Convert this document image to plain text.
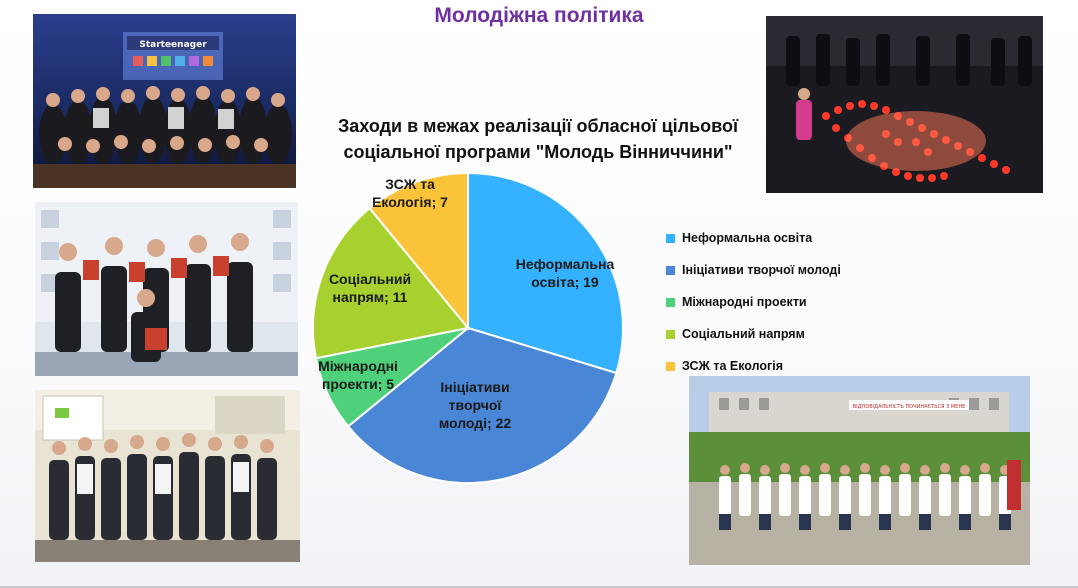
Молодіжна політика
Starteenager
ВІДПОВІДАЛЬНІСТЬ ПОЧИНАЄТЬСЯ З МЕНЕ
Заходи в межах реалізації обласної цільової
соціальної програми "Молодь Вінниччини"
Неформальна освіта; 19
Ініціативи творчої молоді; 22
Міжнародні проекти; 5
Соціальний напрям; 11
ЗСЖ та Екологія; 7
Неформальна освіта
Ініціативи творчої молоді
Міжнародні проекти
Соціальний напрям
ЗСЖ та Екологія
